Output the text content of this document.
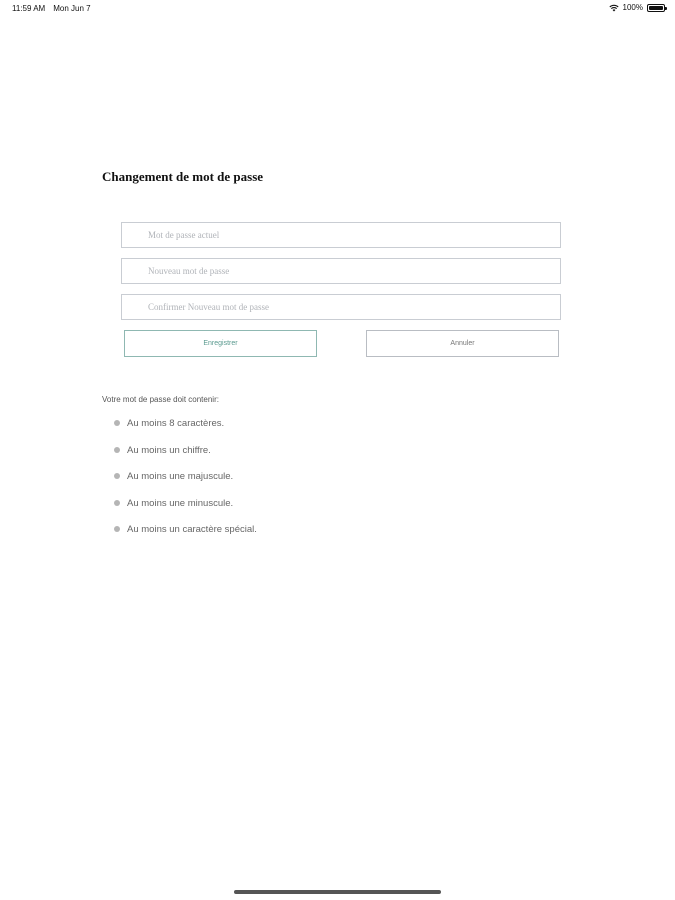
11:59 AM Mon Jun 7	100%
Changement de mot de passe
Enregistrer	Annuler

Votre mot de passe doit contenir:

Au moins 8 caractères.
Au moins un chiffre.
Au moins une majuscule.
Au moins une minuscule.
Au moins un caractère spécial.
